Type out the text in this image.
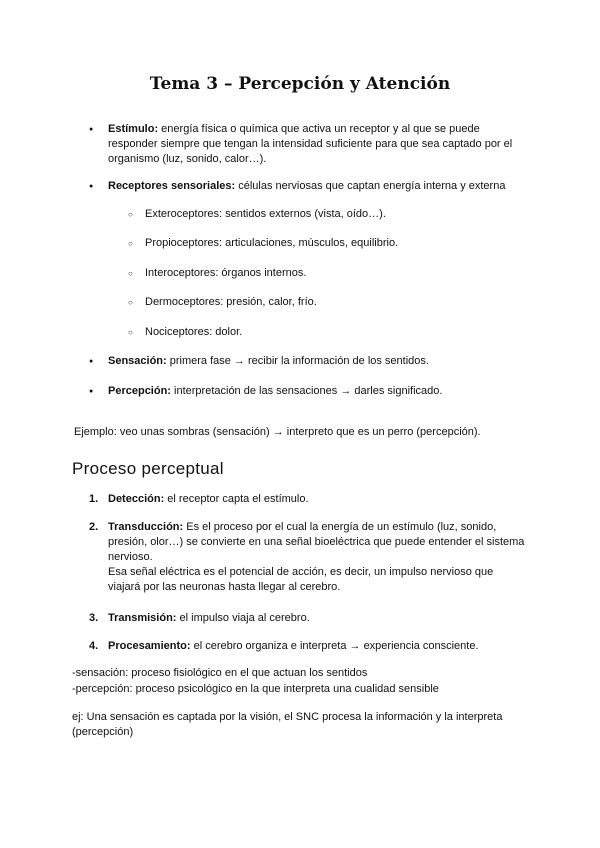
Tema 3 – Percepción y Atención
● Estímulo: energía física o química que activa un receptor y al que se puede responder siempre que tengan la intensidad suficiente para que sea captado por el organismo (luz, sonido, calor…).
● Receptores sensoriales: células nerviosas que captan energía interna y externa
○ Exteroceptores: sentidos externos (vista, oído…).
○ Propioceptores: articulaciones, músculos, equilibrio.
○ Interoceptores: órganos internos.
○ Dermoceptores: presión, calor, frío.
○ Nociceptores: dolor.
● Sensación: primera fase → recibir la información de los sentidos.
● Percepción: interpretación de las sensaciones → darles significado.
Ejemplo: veo unas sombras (sensación) → interpreto que es un perro (percepción).
Proceso perceptual
1. Detección: el receptor capta el estímulo.
2. Transducción: Es el proceso por el cual la energía de un estímulo (luz, sonido, presión, olor…) se convierte en una señal bioeléctrica que puede entender el sistema nervioso.
Esa señal eléctrica es el potencial de acción, es decir, un impulso nervioso que viajará por las neuronas hasta llegar al cerebro.
3. Transmisión: el impulso viaja al cerebro.
4. Procesamiento: el cerebro organiza e interpreta → experiencia consciente.
-sensación: proceso fisiológico en el que actuan los sentidos
-percepción: proceso psicológico en la que interpreta una cualidad sensible
ej: Una sensación es captada por la visión, el SNC procesa la información y la interpreta (percepción)
